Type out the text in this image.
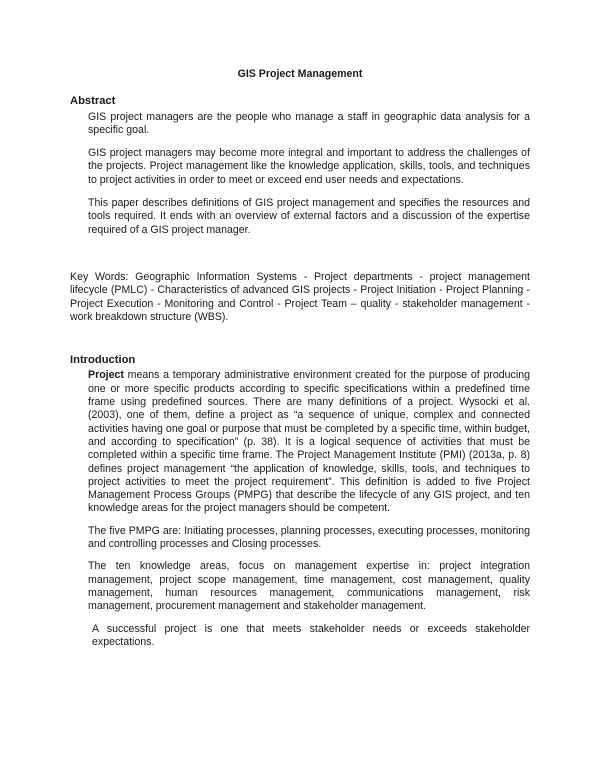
GIS Project Management
Abstract

GIS project managers are the people who manage a staff in geographic data analysis for a specific goal.

GIS project managers may become more integral and important to address the challenges of the projects. Project management like the knowledge application, skills, tools, and techniques to project activities in order to meet or exceed end user needs and expectations.

This paper describes definitions of GIS project management and specifies the resources and tools required. It ends with an overview of external factors and a discussion of the expertise required of a GIS project manager.

Key Words: Geographic Information Systems - Project departments - project management lifecycle (PMLC) - Characteristics of advanced GIS projects - Project Initiation - Project Planning - Project Execution - Monitoring and Control - Project Team – quality - stakeholder management - work breakdown structure (WBS).

Introduction

Project means a temporary administrative environment created for the purpose of producing one or more specific products according to specific specifications within a predefined time frame using predefined sources. There are many definitions of a project. Wysocki et al. (2003), one of them, define a project as “a sequence of unique, complex and connected activities having one goal or purpose that must be completed by a specific time, within budget, and according to specification” (p. 38). It is a logical sequence of activities that must be completed within a specific time frame. The Project Management Institute (PMI) (2013a, p. 8) defines project management “the application of knowledge, skills, tools, and techniques to project activities to meet the project requirement”. This definition is added to five Project Management Process Groups (PMPG) that describe the lifecycle of any GIS project, and ten knowledge areas for the project managers should be competent.

The five PMPG are: Initiating processes, planning processes, executing processes, monitoring and controlling processes and Closing processes.

The ten knowledge areas, focus on management expertise in: project integration management, project scope management, time management, cost management, quality management, human resources management, communications management, risk management, procurement management and stakeholder management.

A successful project is one that meets stakeholder needs or exceeds stakeholder expectations.
